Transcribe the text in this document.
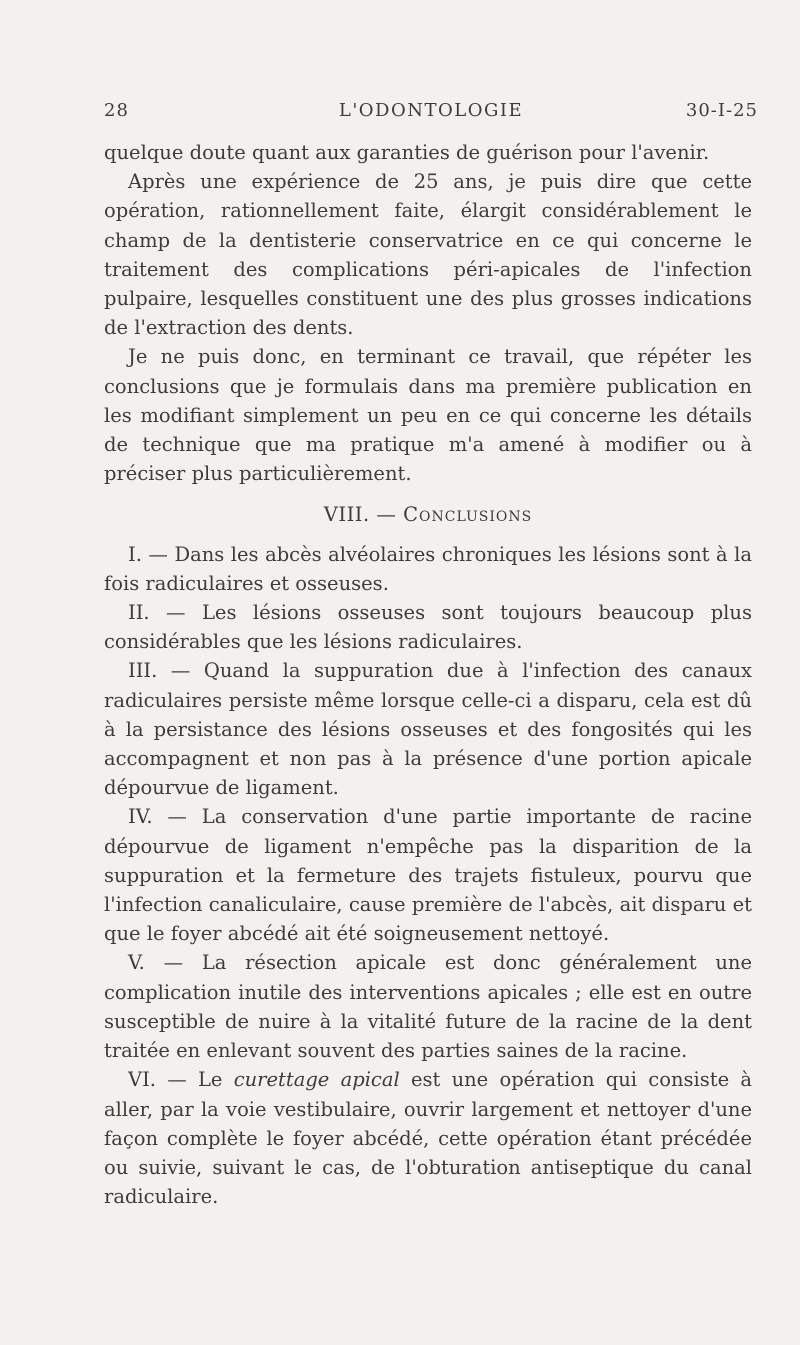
28	L'ODONTOLOGIE	30-I-25

quelque doute quant aux garanties de guérison pour l'avenir.

Après une expérience de 25 ans, je puis dire que cette opération, rationnellement faite, élargit considérablement le champ de la dentisterie conservatrice en ce qui concerne le traitement des complications péri-apicales de l'infection pulpaire, lesquelles constituent une des plus grosses indications de l'extraction des dents.

Je ne puis donc, en terminant ce travail, que répéter les conclusions que je formulais dans ma première publication en les modifiant simplement un peu en ce qui concerne les détails de technique que ma pratique m'a amené à modifier ou à préciser plus particulièrement.

VIII. — Conclusions

I. — Dans les abcès alvéolaires chroniques les lésions sont à la fois radiculaires et osseuses.

II. — Les lésions osseuses sont toujours beaucoup plus considérables que les lésions radiculaires.

III. — Quand la suppuration due à l'infection des canaux radiculaires persiste même lorsque celle-ci a disparu, cela est dû à la persistance des lésions osseuses et des fongosités qui les accompagnent et non pas à la présence d'une portion apicale dépourvue de ligament.

IV. — La conservation d'une partie importante de racine dépourvue de ligament n'empêche pas la disparition de la suppuration et la fermeture des trajets fistuleux, pourvu que l'infection canaliculaire, cause première de l'abcès, ait disparu et que le foyer abcédé ait été soigneusement nettoyé.

V. — La résection apicale est donc généralement une complication inutile des interventions apicales ; elle est en outre susceptible de nuire à la vitalité future de la racine de la dent traitée en enlevant souvent des parties saines de la racine.

VI. — Le curettage apical est une opération qui consiste à aller, par la voie vestibulaire, ouvrir largement et nettoyer d'une façon complète le foyer abcédé, cette opération étant précédée ou suivie, suivant le cas, de l'obturation antiseptique du canal radiculaire.
